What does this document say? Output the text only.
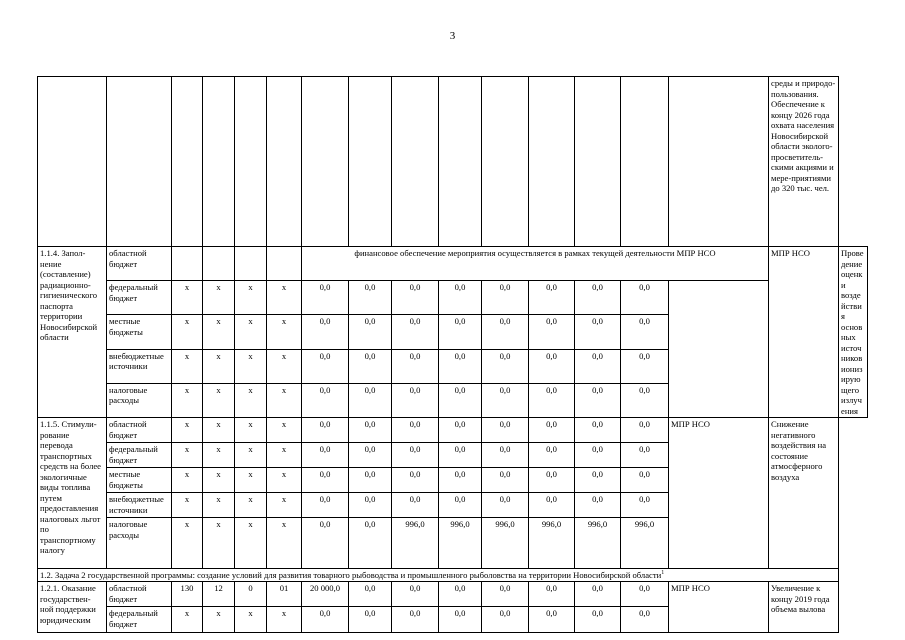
3
															среды и природо-пользования. Обеспечение к концу 2026 года охвата населения Новосибирской области эколого-просветитель-скими акциями и мере-приятиями до 320 тыс. чел.	
1.1.4. Запол-нение (составление) радиационно-гигиенического паспорта территории Новосибирской области	областной бюджет					финансовое обеспечение мероприятия осуществляется в рамках текущей деятельности МПР НСО									МПР НСО	Проведение оценки воздействия основных источников ионизирующего излучения
	федеральный бюджет	х	х	х	х	0,0	0,0	0,0	0,0	0,0	0,0	0,0	0,0			
	местные бюджеты	х	х	х	х	0,0	0,0	0,0	0,0	0,0	0,0	0,0	0,0			
	внебюджетные источники	х	х	х	х	0,0	0,0	0,0	0,0	0,0	0,0	0,0	0,0			
	налоговые расходы	х	х	х	х	0,0	0,0	0,0	0,0	0,0	0,0	0,0	0,0			
1.1.5. Стимули-рование перевода транспортных средств на более экологичные виды топлива путем предоставления налоговых льгот по транспортному налогу	областной бюджет	х	х	х	х	0,0	0,0	0,0	0,0	0,0	0,0	0,0	0,0	МПР НСО	Снижение негативного воздействия на состояние атмосферного воздуха	
	федеральный бюджет	х	х	х	х	0,0	0,0	0,0	0,0	0,0	0,0	0,0	0,0			
	местные бюджеты	х	х	х	х	0,0	0,0	0,0	0,0	0,0	0,0	0,0	0,0			
	внебюджетные источники	х	х	х	х	0,0	0,0	0,0	0,0	0,0	0,0	0,0	0,0			
	налоговые расходы	х	х	х	х	0,0	0,0	996,0	996,0	996,0	996,0	996,0	996,0			
1.2. Задача 2 государственной программы: создание условий для развития товарного рыбоводства и промышленного рыболовства на территории Новосибирской области$^1$
1.2.1. Оказание государствен-ной поддержки юридическим	областной бюджет	130	12	0	01	20 000,0	0,0	0,0	0,0	0,0	0,0	0,0	0,0	МПР НСО	Увеличение к концу 2019 года объема вылова	
	федеральный бюджет	х	х	х	х	0,0	0,0	0,0	0,0	0,0	0,0	0,0	0,0			
